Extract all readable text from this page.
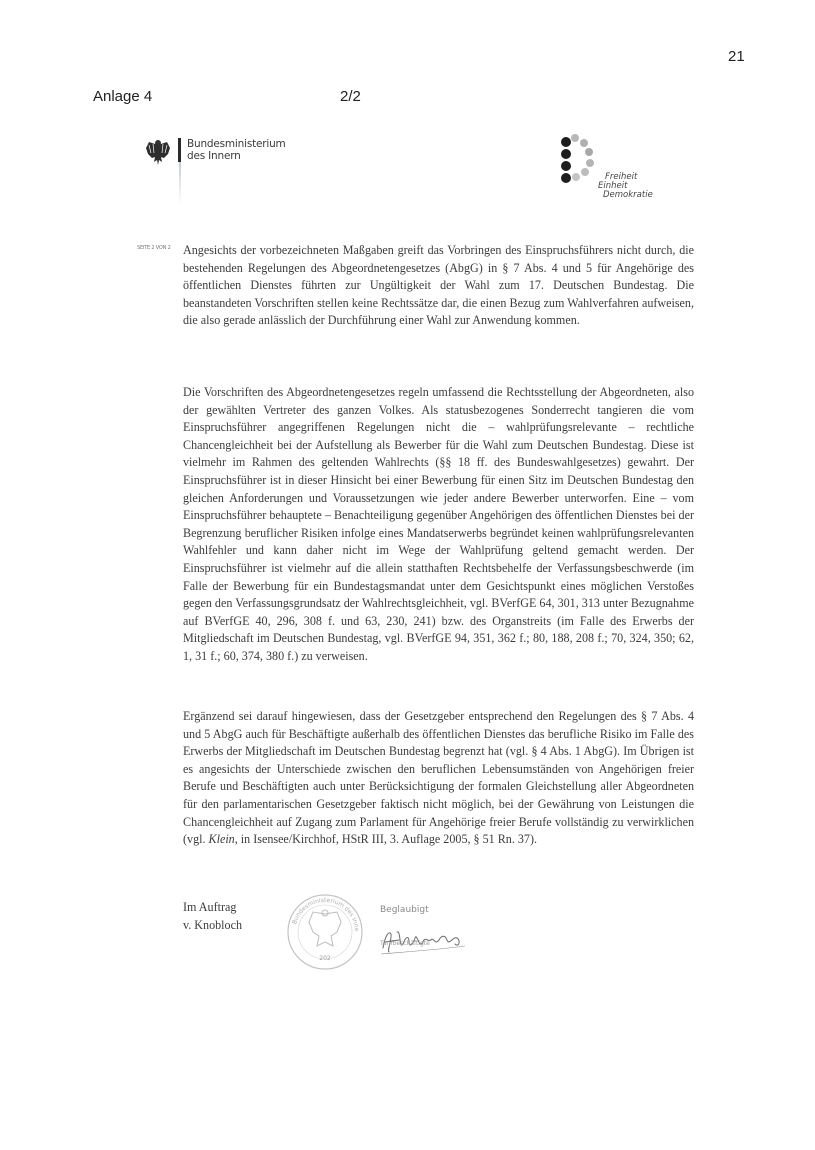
21
Anlage 4	2/2
Bundesministerium
des Innern
Freiheit
Einheit
Demokratie
SEITE 2 VON 2 Angesichts der vorbezeichneten Maßgaben greift das Vorbringen des Einspruchsführers nicht durch, die bestehenden Regelungen des Abgeordnetengesetzes (AbgG) in § 7 Abs. 4 und 5 für Angehörige des öffentlichen Dienstes führten zur Ungültigkeit der Wahl zum 17. Deutschen Bundestag. Die beanstandeten Vorschriften stellen keine Rechtssätze dar, die einen Bezug zum Wahlverfahren aufweisen, die also gerade anlässlich der Durchführung einer Wahl zur Anwendung kommen.
Die Vorschriften des Abgeordnetengesetzes regeln umfassend die Rechtsstellung der Abgeordneten, also der gewählten Vertreter des ganzen Volkes. Als statusbezogenes Sonderrecht tangieren die vom Einspruchsführer angegriffenen Regelungen nicht die – wahlprüfungsrelevante – rechtliche Chancengleichheit bei der Aufstellung als Bewerber für die Wahl zum Deutschen Bundestag. Diese ist vielmehr im Rahmen des geltenden Wahlrechts (§§ 18 ff. des Bundeswahlgesetzes) gewahrt. Der Einspruchsführer ist in dieser Hinsicht bei einer Bewerbung für einen Sitz im Deutschen Bundestag den gleichen Anforderungen und Voraussetzungen wie jeder andere Bewerber unterworfen. Eine – vom Einspruchsführer behauptete – Benachteiligung gegenüber Angehörigen des öffentlichen Dienstes bei der Begrenzung beruflicher Risiken infolge eines Mandatserwerbs begründet keinen wahlprüfungsrelevanten Wahlfehler und kann daher nicht im Wege der Wahlprüfung geltend gemacht werden. Der Einspruchsführer ist vielmehr auf die allein statthaften Rechtsbehelfe der Verfassungsbeschwerde (im Falle der Bewerbung für ein Bundestagsmandat unter dem Gesichtspunkt eines möglichen Verstoßes gegen den Verfassungsgrundsatz der Wahlrechtsgleichheit, vgl. BVerfGE 64, 301, 313 unter Bezugnahme auf BVerfGE 40, 296, 308 f. und 63, 230, 241) bzw. des Organstreits (im Falle des Erwerbs der Mitgliedschaft im Deutschen Bundestag, vgl. BVerfGE 94, 351, 362 f.; 80, 188, 208 f.; 70, 324, 350; 62, 1, 31 f.; 60, 374, 380 f.) zu verweisen.
Ergänzend sei darauf hingewiesen, dass der Gesetzgeber entsprechend den Regelungen des § 7 Abs. 4 und 5 AbgG auch für Beschäftigte außerhalb des öffentlichen Dienstes das berufliche Risiko im Falle des Erwerbs der Mitgliedschaft im Deutschen Bundestag begrenzt hat (vgl. § 4 Abs. 1 AbgG). Im Übrigen ist es angesichts der Unterschiede zwischen den beruflichen Lebensumständen von Angehörigen freier Berufe und Beschäftigten auch unter Berücksichtigung der formalen Gleichstellung aller Abgeordneten für den parlamentarischen Gesetzgeber faktisch nicht möglich, bei der Gewährung von Leistungen die Chancengleichheit auf Zugang zum Parlament für Angehörige freier Berufe vollständig zu verwirklichen (vgl. Klein, in Isensee/Kirchhof, HStR III, 3. Auflage 2005, § 51 Rn. 37).
Im Auftrag
v. Knobloch	Bundesministerium des Inne
202
Beglaubigt
Tarifbeschäftigte
